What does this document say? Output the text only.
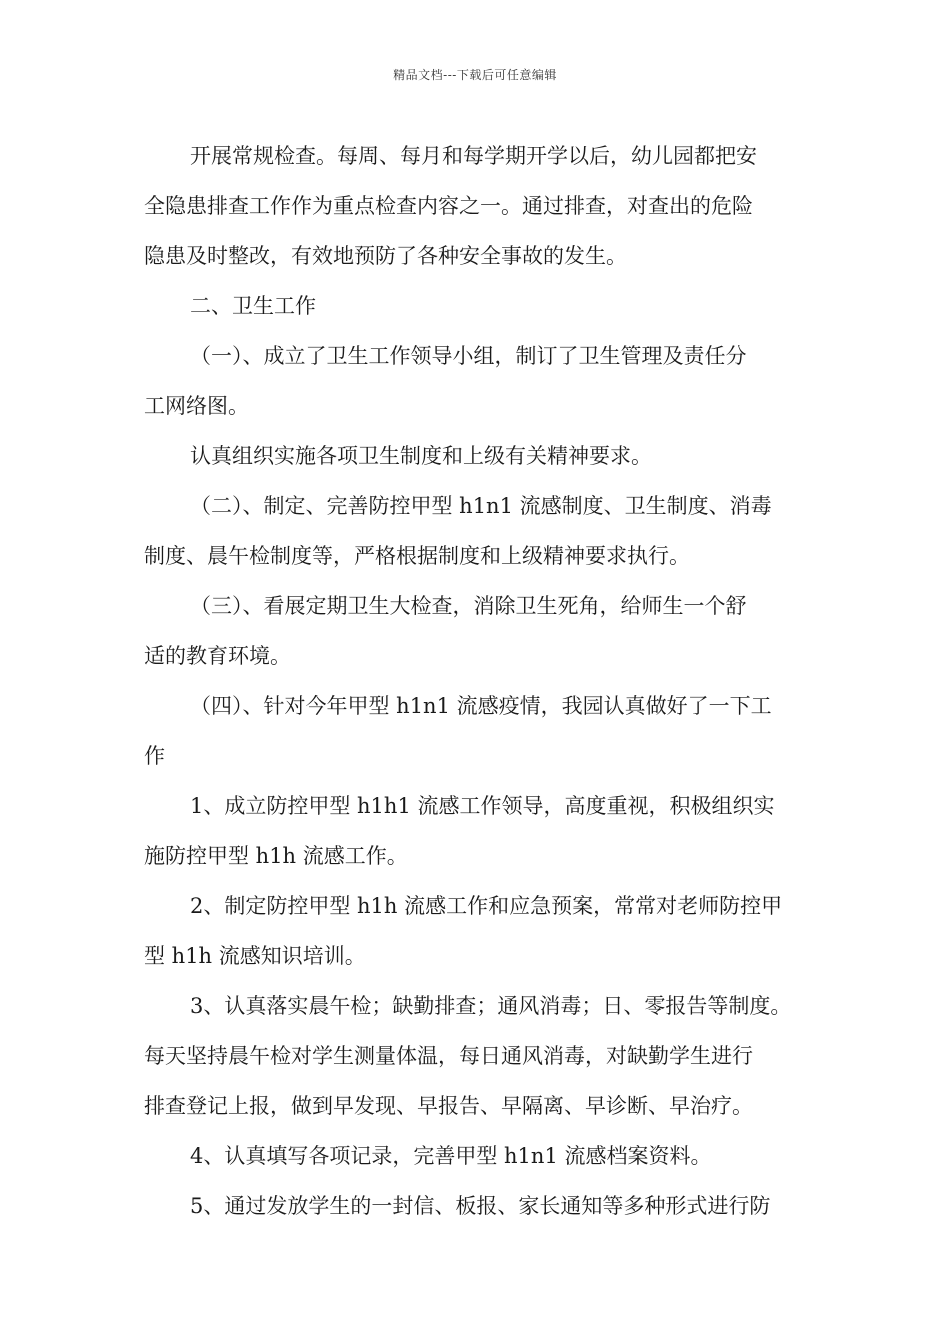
精品文档---下载后可任意编辑
开展常规检查。每周、每月和每学期开学以后，幼儿园都把安
全隐患排查工作作为重点检查内容之一。通过排查，对查出的危险
隐患及时整改，有效地预防了各种安全事故的发生。
二、卫生工作
（一）、成立了卫生工作领导小组，制订了卫生管理及责任分
工网络图。
认真组织实施各项卫生制度和上级有关精神要求。
（二）、制定、完善防控甲型 h1n1 流感制度、卫生制度、消毒
制度、晨午检制度等，严格根据制度和上级精神要求执行。
（三）、看展定期卫生大检查，消除卫生死角，给师生一个舒
适的教育环境。
（四）、针对今年甲型 h1n1 流感疫情，我园认真做好了一下工
作
1、成立防控甲型 h1h1 流感工作领导，高度重视，积极组织实
施防控甲型 h1h 流感工作。
2、制定防控甲型 h1h 流感工作和应急预案，常常对老师防控甲
型 h1h 流感知识培训。
3、认真落实晨午检；缺勤排查；通风消毒；日、零报告等制度。
每天坚持晨午检对学生测量体温，每日通风消毒，对缺勤学生进行
排查登记上报，做到早发现、早报告、早隔离、早诊断、早治疗。
4、认真填写各项记录，完善甲型 h1n1 流感档案资料。
5、通过发放学生的一封信、板报、家长通知等多种形式进行防
